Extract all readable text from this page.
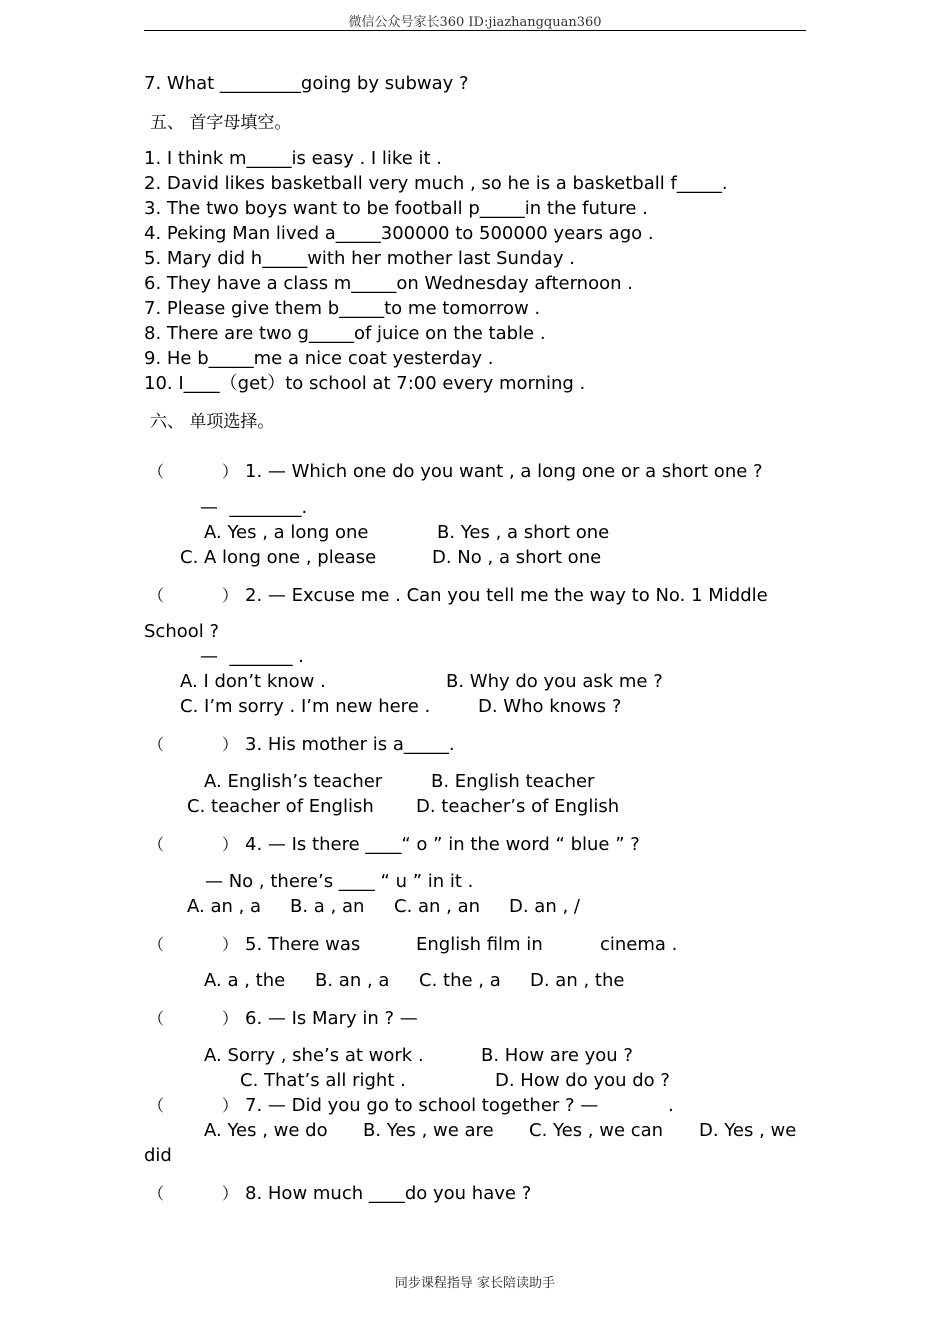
微信公众号家长360 ID:jiazhangquan360
7. What _________going by subway ?
五、 首字母填空。
1. I think m_____is easy . I like it .
2. David likes basketball very much , so he is a basketball f_____.
3. The two boys want to be football p_____in the future .
4. Peking Man lived a_____300000 to 500000 years ago .
5. Mary did h_____with her mother last Sunday .
6. They have a class m_____on Wednesday afternoon .
7. Please give them b_____to me tomorrow .
8. There are two g_____of juice on the table .
9. He b_____me a nice coat yesterday .
10. I____（get）to school at 7:00 every morning .
六、 单项选择。
（	） 1. — Which one do you want , a long one or a short one ?
—  ________.
A. Yes , a long one	B. Yes , a short one
C. A long one , please	D. No , a short one
（	） 2. — Excuse me . Can you tell me the way to No. 1 Middle
School ?
—  _______ .
A. I don’t know .	B. Why do you ask me ?
C. I’m sorry . I’m new here .	D. Who knows ?
（	） 3. His mother is a_____.
A. English’s teacher	B. English teacher
C. teacher of English D. teacher’s of English
（	） 4. — Is there ____“ o ” in the word “ blue ” ?
— No , there’s ____ “ u ” in it .
A. an , a B. a , an C. an , an D. an , /
（	） 5. There was	English film in	cinema .
A. a , the B. an , a C. the , a D. an , the
（	） 6. — Is Mary in ? —
A. Sorry , she’s at work .	B. How are you ?
C. That’s all right .	D. How do you do ?
（	） 7. — Did you go to school together ? —	.
A. Yes , we do B. Yes , we are C. Yes , we can D. Yes , we
did
（	） 8. How much ____do you have ?
同步课程指导 家长陪读助手
